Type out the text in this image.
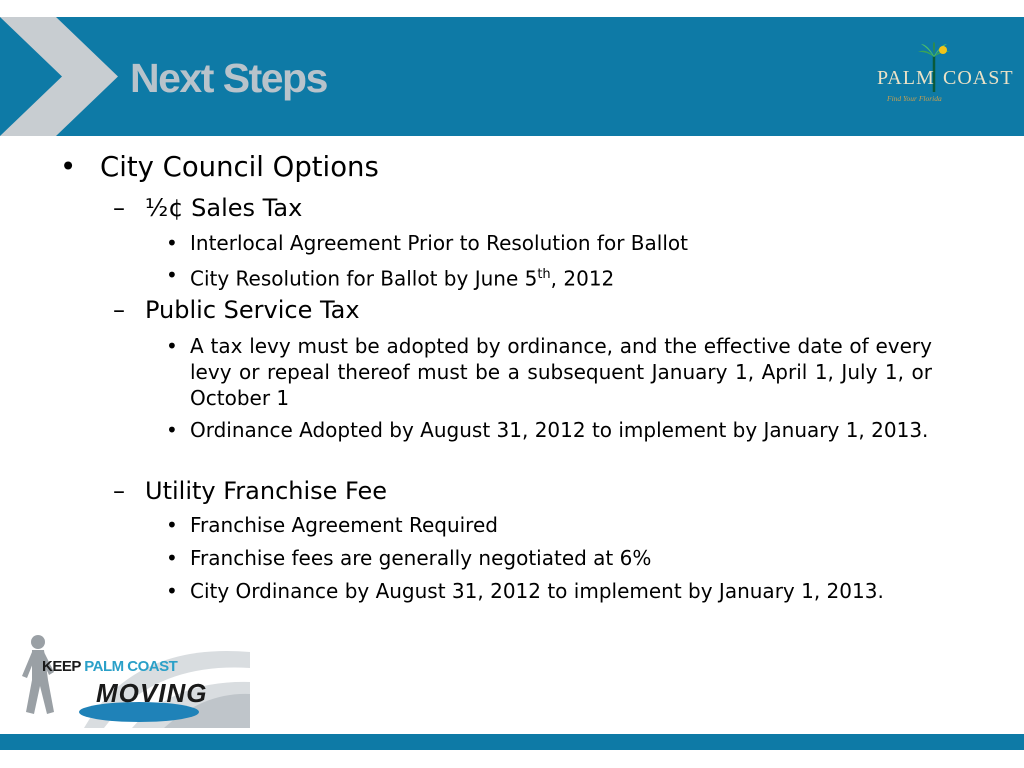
Next Steps	PALM COAST
Find Your Florida
• City Council Options
– ½¢ Sales Tax
• Interlocal Agreement Prior to Resolution for Ballot
• City Resolution for Ballot by June 5th, 2012
– Public Service Tax
• A tax levy must be adopted by ordinance, and the effective date of every levy or repeal thereof must be a subsequent January 1, April 1, July 1, or October 1
• Ordinance Adopted by August 31, 2012 to implement by January 1, 2013.
– Utility Franchise Fee
• Franchise Agreement Required
• Franchise fees are generally negotiated at 6%
• City Ordinance by August 31, 2012 to implement by January 1, 2013.
KEEP PALM COAST
MOVING
